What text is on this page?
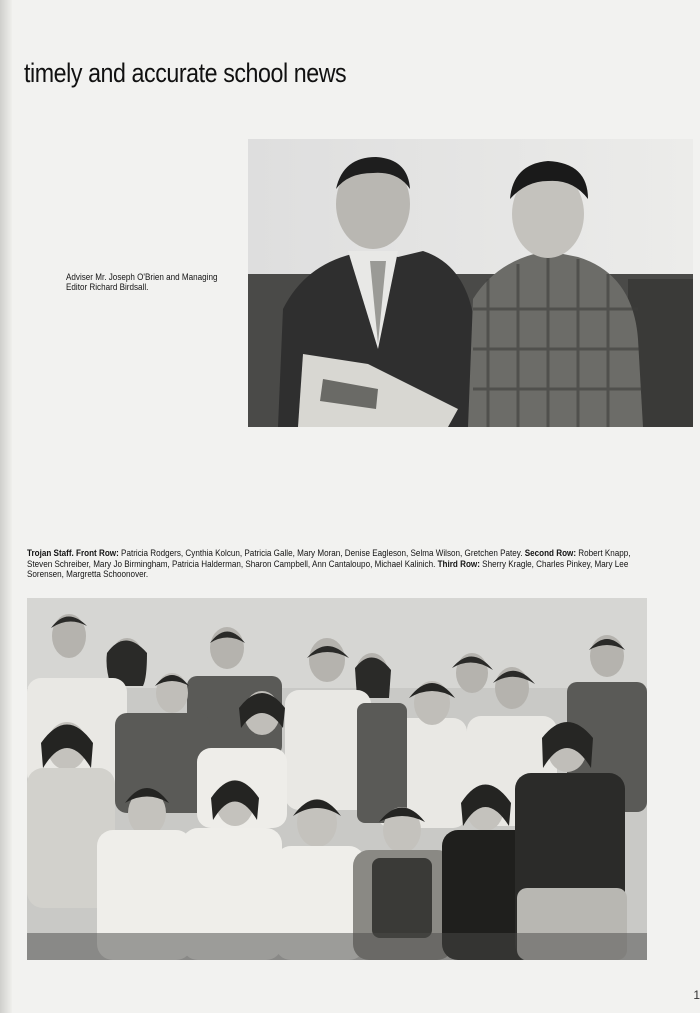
timely and accurate school news
Adviser Mr. Joseph O'Brien and Managing Editor Richard Birdsall.
Trojan Staff. Front Row: Patricia Rodgers, Cynthia Kolcun, Patricia Galle, Mary Moran, Denise Eagleson, Selma Wilson, Gretchen Patey. Second Row: Robert Knapp, Steven Schreiber, Mary Jo Birmingham, Patricia Halderman, Sharon Campbell, Ann Cantaloupo, Michael Kalinich. Third Row: Sherry Kragle, Charles Pinkey, Mary Lee Sorensen, Margretta Schoonover.
1
